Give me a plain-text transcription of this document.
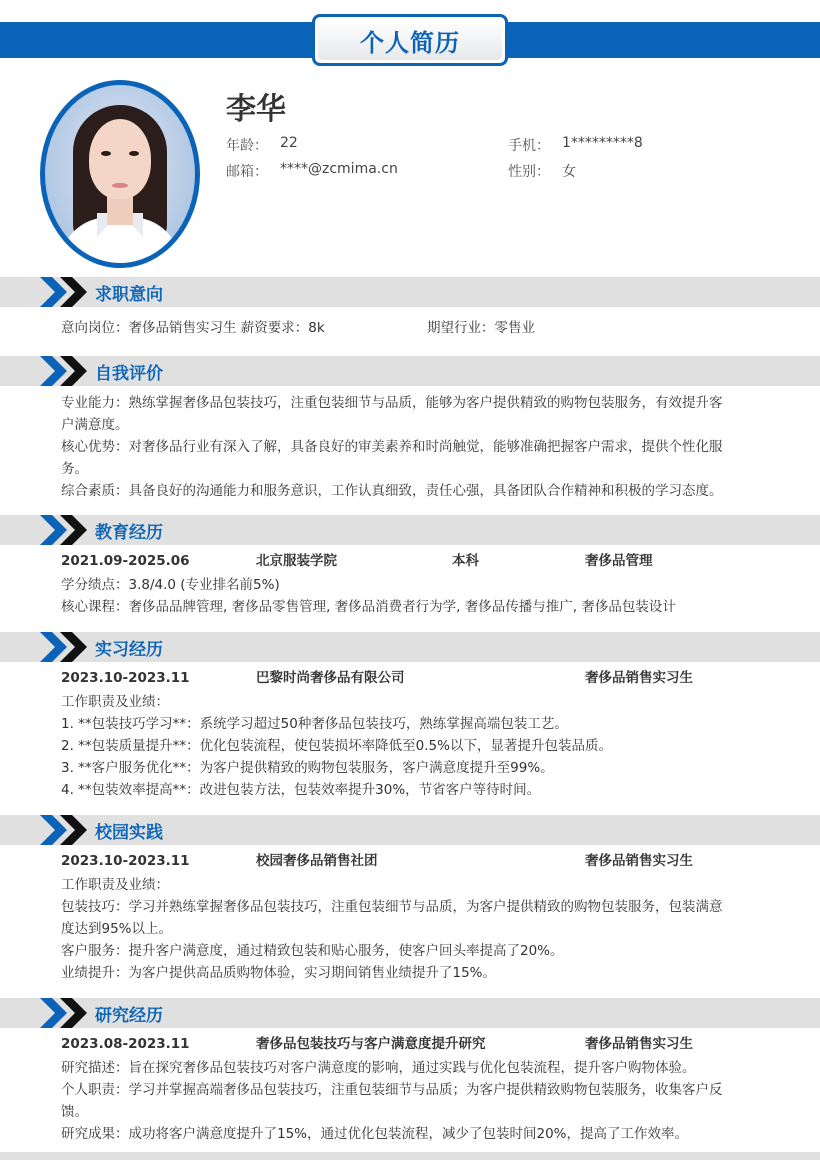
个人简历
李华
年龄： 22	手机： 1*********8
邮箱： ****@zcmima.cn	性别： 女
求职意向
意向岗位：奢侈品销售实习生 薪资要求：8k	期望行业：零售业
自我评价
专业能力：熟练掌握奢侈品包装技巧，注重包装细节与品质，能够为客户提供精致的购物包装服务，有效提升客
户满意度。
核心优势：对奢侈品行业有深入了解，具备良好的审美素养和时尚触觉，能够准确把握客户需求，提供个性化服
务。
综合素质：具备良好的沟通能力和服务意识，工作认真细致，责任心强，具备团队合作精神和积极的学习态度。
教育经历
2021.09-2025.06	北京服装学院	本科	奢侈品管理
学分绩点：3.8/4.0 (专业排名前5%)
核心课程：奢侈品品牌管理, 奢侈品零售管理, 奢侈品消费者行为学, 奢侈品传播与推广, 奢侈品包装设计
实习经历
2023.10-2023.11	巴黎时尚奢侈品有限公司	奢侈品销售实习生
工作职责及业绩：
1. **包装技巧学习**：系统学习超过50种奢侈品包装技巧，熟练掌握高端包装工艺。
2. **包装质量提升**：优化包装流程，使包装损坏率降低至0.5%以下，显著提升包装品质。
3. **客户服务优化**：为客户提供精致的购物包装服务，客户满意度提升至99%。
4. **包装效率提高**：改进包装方法，包装效率提升30%，节省客户等待时间。
校园实践
2023.10-2023.11	校园奢侈品销售社团	奢侈品销售实习生
工作职责及业绩：
包装技巧：学习并熟练掌握奢侈品包装技巧，注重包装细节与品质，为客户提供精致的购物包装服务，包装满意
度达到95%以上。
客户服务：提升客户满意度，通过精致包装和贴心服务，使客户回头率提高了20%。
业绩提升：为客户提供高品质购物体验，实习期间销售业绩提升了15%。
研究经历
2023.08-2023.11	奢侈品包装技巧与客户满意度提升研究	奢侈品销售实习生
研究描述：旨在探究奢侈品包装技巧对客户满意度的影响，通过实践与优化包装流程，提升客户购物体验。
个人职责：学习并掌握高端奢侈品包装技巧，注重包装细节与品质；为客户提供精致购物包装服务，收集客户反
馈。
研究成果：成功将客户满意度提升了15%，通过优化包装流程，减少了包装时间20%，提高了工作效率。
